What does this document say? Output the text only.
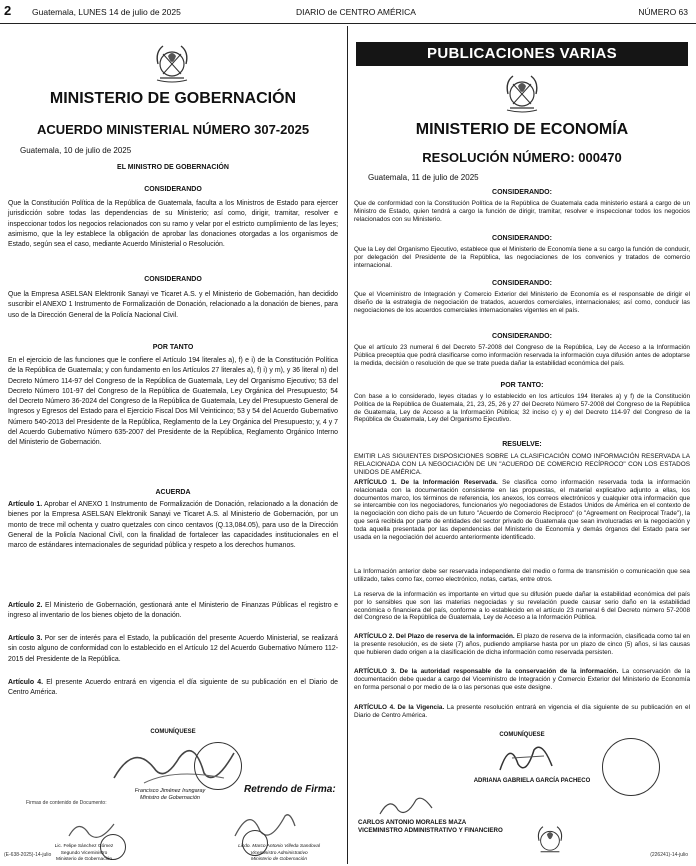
2 Guatemala, LUNES 14 de julio de 2025	DIARIO de CENTRO AMÉRICA	NÚMERO 63
MINISTERIO DE GOBERNACIÓN
ACUERDO MINISTERIAL NÚMERO 307-2025
Guatemala, 10 de julio de 2025
EL MINISTRO DE GOBERNACIÓN
CONSIDERANDO
Que la Constitución Política de la República de Guatemala, faculta a los Ministros de Estado para ejercer jurisdicción sobre todas las dependencias de su Ministerio; así como, dirigir, tramitar, resolver e inspeccionar todos los negocios relacionados con su ramo y velar por el estricto cumplimiento de las leyes; asimismo, que la ley establece la obligación de aprobar las donaciones otorgadas a los organismos de Estado, según sea el caso, mediante Acuerdo Ministerial o Resolución.
CONSIDERANDO
Que la Empresa ASELSAN Elektronik Sanayi ve Ticaret A.S. y el Ministerio de Gobernación, han decidido suscribir el ANEXO 1 Instrumento de Formalización de Donación, relacionado a la donación de bienes, para uso de la Dirección General de la Policía Nacional Civil.
POR TANTO
En el ejercicio de las funciones que le confiere el Artículo 194 literales a), f) e i) de la Constitución Política de la República de Guatemala; y con fundamento en los Artículos 27 literales a), f) i) y m), y 36 literal n) del Decreto Número 114-97 del Congreso de la República de Guatemala, Ley del Organismo Ejecutivo; 53 del Decreto Número 101-97 del Congreso de la República de Guatemala, Ley Orgánica del Presupuesto; 54 del Decreto Número 36-2024 del Congreso de la República de Guatemala, Ley del Presupuesto General de Ingresos y Egresos del Estado para el Ejercicio Fiscal Dos Mil Veinticinco; 53 y 54 del Acuerdo Gubernativo Número 540-2013 del Presidente de la República, Reglamento de la Ley Orgánica del Presupuesto; y, 4 y 7 del Acuerdo Gubernativo Número 635-2007 del Presidente de la República, Reglamento Orgánico Interno del Ministerio de Gobernación.
ACUERDA
Artículo 1. Aprobar el ANEXO 1 Instrumento de Formalización de Donación, relacionado a la donación de bienes por la Empresa ASELSAN Elektronik Sanayi ve Ticaret A.S. al Ministerio de Gobernación, por un monto de trece mil ochenta y cuatro quetzales con cinco centavos (Q.13,084.05), para uso de la Dirección General de la Policía Nacional Civil, con la finalidad de fortalecer las capacidades institucionales en el marco de estándares internacionales de seguridad pública y respeto a los derechos humanos.
Artículo 2. El Ministerio de Gobernación, gestionará ante el Ministerio de Finanzas Públicas el registro e ingreso al inventario de los bienes objeto de la donación.
Artículo 3. Por ser de interés para el Estado, la publicación del presente Acuerdo Ministerial, se realizará sin costo alguno de conformidad con lo establecido en el Artículo 12 del Acuerdo Gubernativo Número 112-2015 del Presidente de la República.
Artículo 4. El presente Acuerdo entrará en vigencia el día siguiente de su publicación en el Diario de Centro América.
COMUNÍQUESE
Francisco Jiménez Irungaray
Ministro de Gobernación
Retrendo de Firma:
Firmas de contenido de Documento:
Lic. Felipe Sánchez Gómez
Segundo Viceministro
Ministerio de Gobernación
Licdo. Marco Antonio Villeda Sandoval
Viceministro Administrativo
Ministerio de Gobernación
(E-638-2025)-14-julio
PUBLICACIONES VARIAS
MINISTERIO DE ECONOMÍA
RESOLUCIÓN NÚMERO: 000470
Guatemala, 11 de julio de 2025
CONSIDERANDO:
Que de conformidad con la Constitución Política de la República de Guatemala cada ministerio estará a cargo de un Ministro de Estado, quien tendrá a cargo la función de dirigir, tramitar, resolver e inspeccionar todos los negocios relacionados con su Ministerio.
CONSIDERANDO:
Que la Ley del Organismo Ejecutivo, establece que el Ministerio de Economía tiene a su cargo la función de conducir, por delegación del Presidente de la República, las negociaciones de los convenios y tratados de comercio internacional.
CONSIDERANDO:
Que el Viceministro de Integración y Comercio Exterior del Ministerio de Economía es el responsable de dirigir el diseño de la estrategia de negociación de tratados, acuerdos comerciales, internacionales; así como, conducir las negociaciones de los acuerdos comerciales internacionales vigentes en el país.
CONSIDERANDO:
Que el artículo 23 numeral 6 del Decreto 57-2008 del Congreso de la República, Ley de Acceso a la Información Pública preceptúa que podrá clasificarse como información reservada la información cuya difusión antes de adoptarse la medida, decisión o resolución de que se trate pueda dañar la estabilidad económica del país.
POR TANTO:
Con base a lo considerado, leyes citadas y lo establecido en los artículos 194 literales a) y f) de la Constitución Política de la República de Guatemala, 21, 23, 25, 26 y 27 del Decreto Número 57-2008 del Congreso de la República de Guatemala, Ley de Acceso a la Información Pública; 32 inciso c) y e) del Decreto 114-97 del Congreso de la República de Guatemala, Ley del Organismo Ejecutivo.
RESUELVE:
EMITIR LAS SIGUIENTES DISPOSICIONES SOBRE LA CLASIFICACIÓN COMO INFORMACIÓN RESERVADA LA RELACIONADA CON LA NEGOCIACIÓN DE UN "ACUERDO DE COMERCIO RECÍPROCO" CON LOS ESTADOS UNIDOS DE AMÉRICA.
ARTÍCULO 1. De la Información Reservada. Se clasifica como información reservada toda la información relacionada con la documentación consistente en las propuestas, el material explicativo adjunto a ellas, los documentos marco, los términos de referencia, los anexos, los correos electrónicos y cualquier otra información que se intercambie con los negociadores, funcionarios y/o negociadores de Estados Unidos de América en el contexto de la negociación con dicho país de un futuro "Acuerdo de Comercio Recíproco" (o "Agreement on Reciprocal Trade"), la que será recibida por parte de entidades del sector privado de Guatemala que sean involucradas en la negociación y toda aquella presentada por las dependencias del Ministerio de Economía y demás órganos del Estado para ser usada en la negociación del acuerdo anteriormente identificado.
La Información anterior debe ser reservada independiente del medio o forma de transmisión o comunicación que sea utilizado, tales como fax, correo electrónico, notas, cartas, entre otros.
La reserva de la información es importante en virtud que su difusión puede dañar la estabilidad económica del país por lo sensibles que son las materias negociadas y su revelación puede causar serio daño en la estabilidad económica o financiera del país, conforme a lo establecido en el artículo 23 numeral 6 del Decreto número 57-2008 del Congreso de la República de Guatemala, Ley de Acceso a la Información Pública.
ARTÍCULO 2. Del Plazo de reserva de la información. El plazo de reserva de la información, clasificada como tal en la presente resolución, es de siete (7) años, pudiendo ampliarse hasta por un plazo de cinco (5) años, si las causas que hubieren dado origen a la clasificación de dicha información como reservada persisten.
ARTÍCULO 3. De la autoridad responsable de la conservación de la información. La conservación de la documentación debe quedar a cargo del Viceministro de Integración y Comercio Exterior del Ministerio de Economía en forma personal o por medio de la o las personas que este designe.
ARTÍCULO 4. De la Vigencia. La presente resolución entrará en vigencia el día siguiente de su publicación en el Diario de Centro América.
COMUNÍQUESE
ADRIANA GABRIELA GARCÍA PACHECO
CARLOS ANTONIO MORALES MAZA
VICEMINISTRO ADMINISTRATIVO Y FINANCIERO
(226241)-14-julio
